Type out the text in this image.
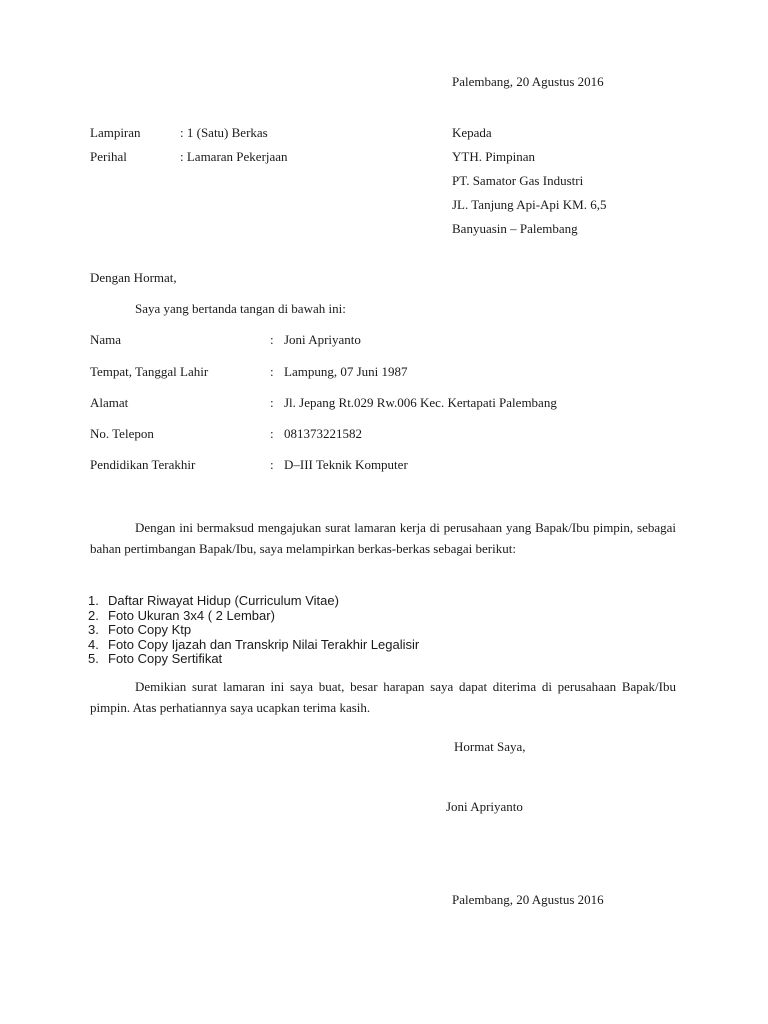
Palembang, 20 Agustus 2016
Lampiran	: 1 (Satu) Berkas
Perihal	: Lamaran Pekerjaan
Kepada
YTH. Pimpinan
PT. Samator Gas Industri
JL. Tanjung Api-Api KM. 6,5
Banyuasin – Palembang
Dengan Hormat,
Saya yang bertanda tangan di bawah ini:
Nama	: Joni Apriyanto
Tempat, Tanggal Lahir	: Lampung, 07 Juni 1987
Alamat	: Jl. Jepang Rt.029 Rw.006 Kec. Kertapati Palembang
No. Telepon	: 081373221582
Pendidikan Terakhir	: D–III Teknik Komputer
Dengan ini bermaksud mengajukan surat lamaran kerja di perusahaan yang Bapak/Ibu pimpin, sebagai bahan pertimbangan Bapak/Ibu, saya melampirkan berkas-berkas sebagai berikut:
1. Daftar Riwayat Hidup (Curriculum Vitae)
2. Foto Ukuran 3x4 ( 2 Lembar)
3. Foto Copy Ktp
4. Foto Copy Ijazah dan Transkrip Nilai Terakhir Legalisir
5. Foto Copy Sertifikat
Demikian surat lamaran ini saya buat, besar harapan saya dapat diterima di perusahaan Bapak/Ibu pimpin. Atas perhatiannya saya ucapkan terima kasih.
Hormat Saya,
Joni Apriyanto
Palembang, 20 Agustus 2016
